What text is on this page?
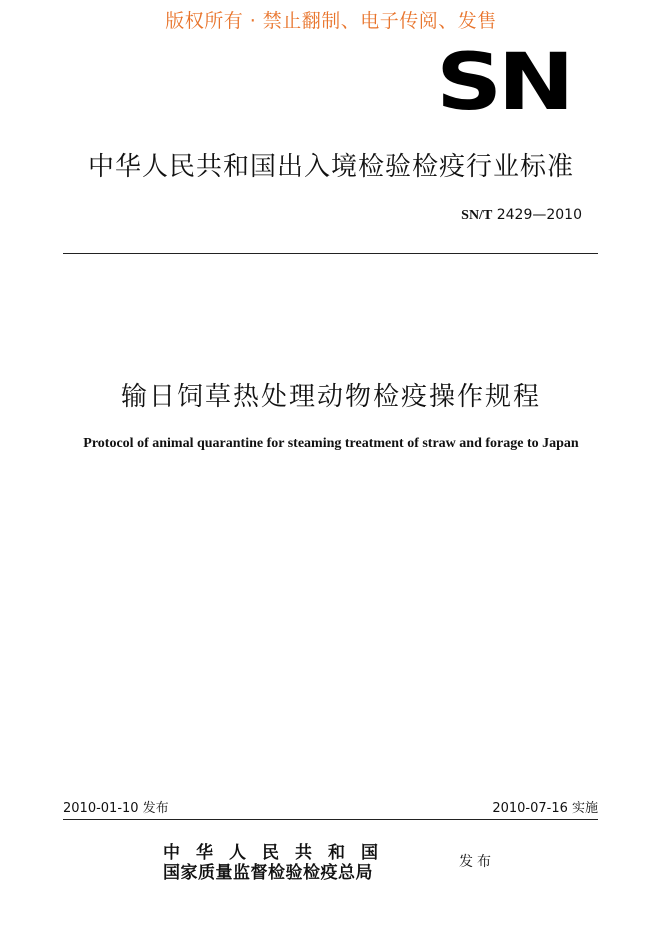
版权所有 · 禁止翻制、电子传阅、发售
SN
中华人民共和国出入境检验检疫行业标准
SN/T 2429—2010
输日饲草热处理动物检疫操作规程
Protocol of animal quarantine for steaming treatment of straw and forage to Japan
2010-01-10 发布	2010-07-16 实施
中华人民共和国
国家质量监督检验检疫总局
发布
